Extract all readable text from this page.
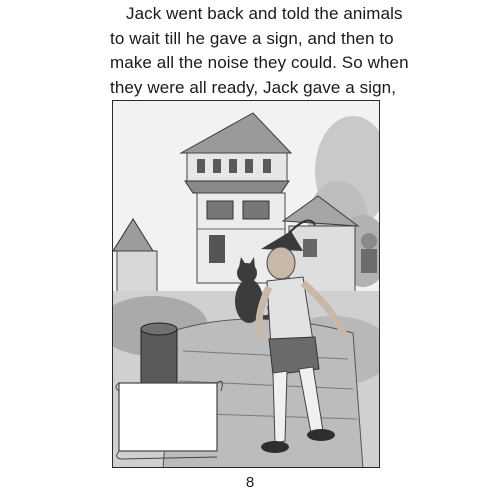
Jack went back and told the animals
to wait till he gave a sign, and then to
make all the noise they could. So when
they were all ready, Jack gave a sign,
8
